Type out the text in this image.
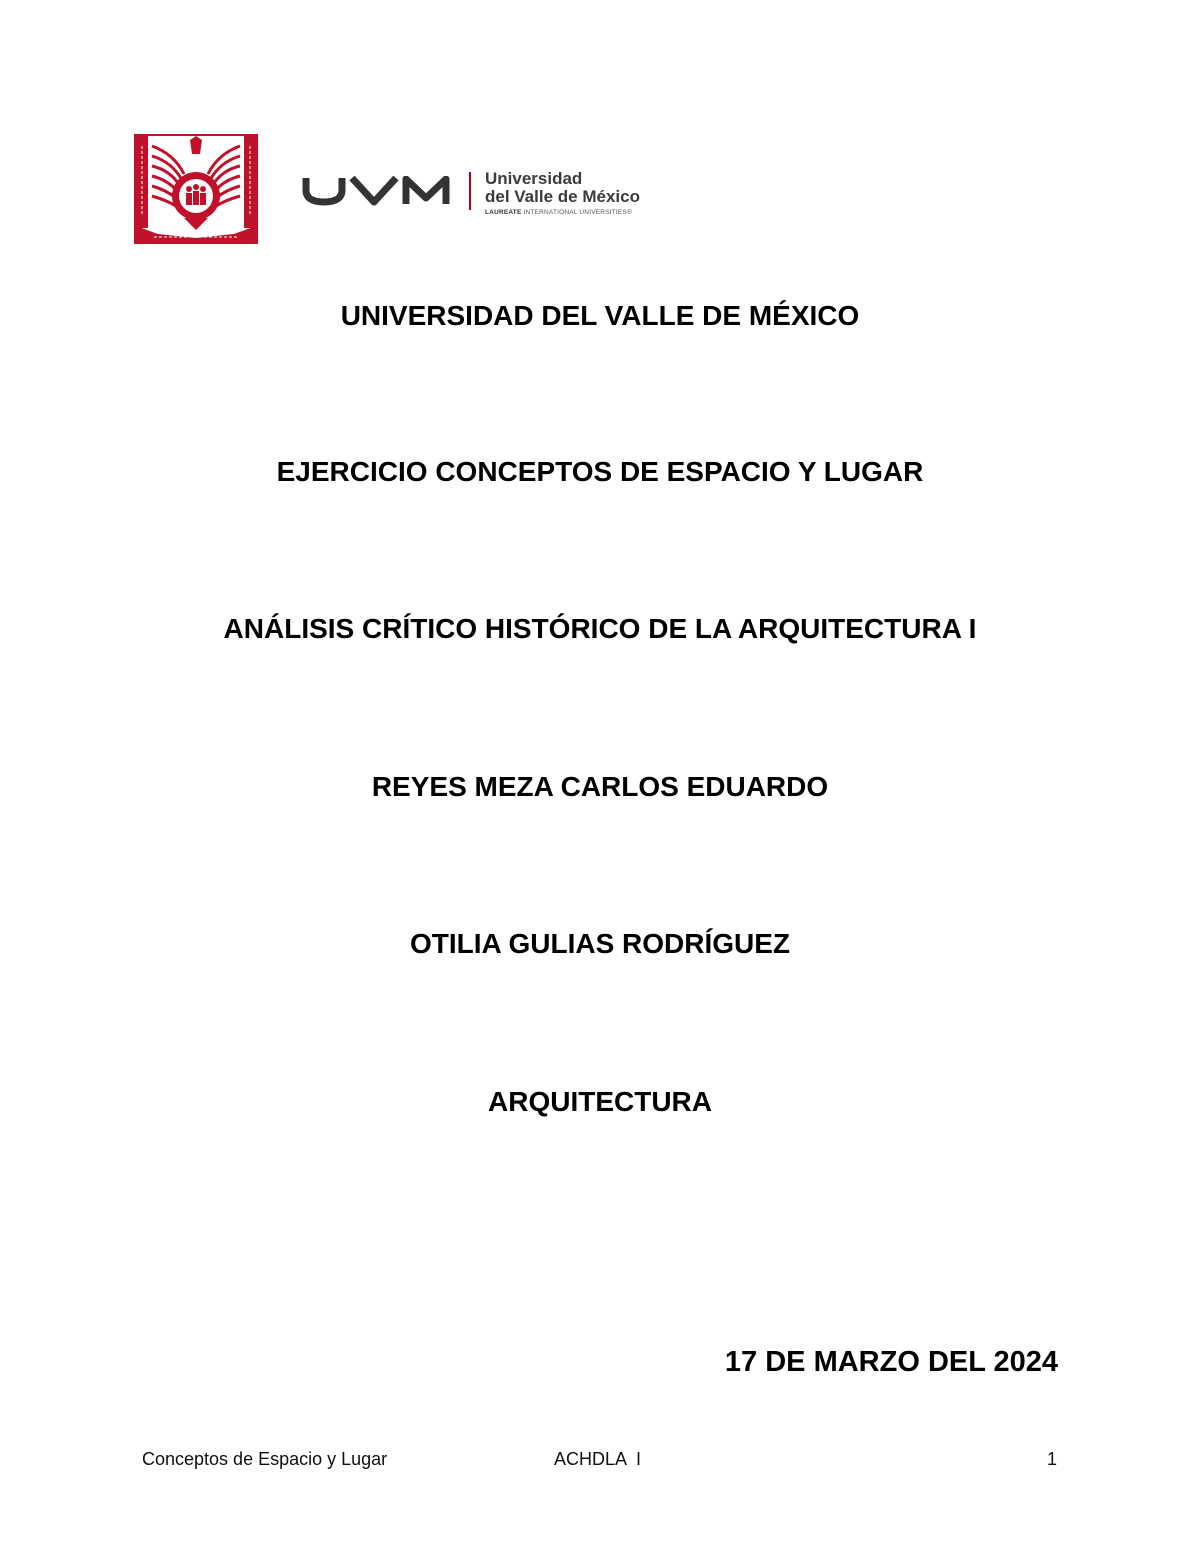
Universidad
del Valle de México
LAUREATE INTERNATIONAL UNIVERSITIES®
UNIVERSIDAD DEL VALLE DE MÉXICO
EJERCICIO CONCEPTOS DE ESPACIO Y LUGAR
ANÁLISIS CRÍTICO HISTÓRICO DE LA ARQUITECTURA I
REYES MEZA CARLOS EDUARDO
OTILIA GULIAS RODRÍGUEZ
ARQUITECTURA
17 DE MARZO DEL 2024
Conceptos de Espacio y Lugar	ACHDLA  I	1
